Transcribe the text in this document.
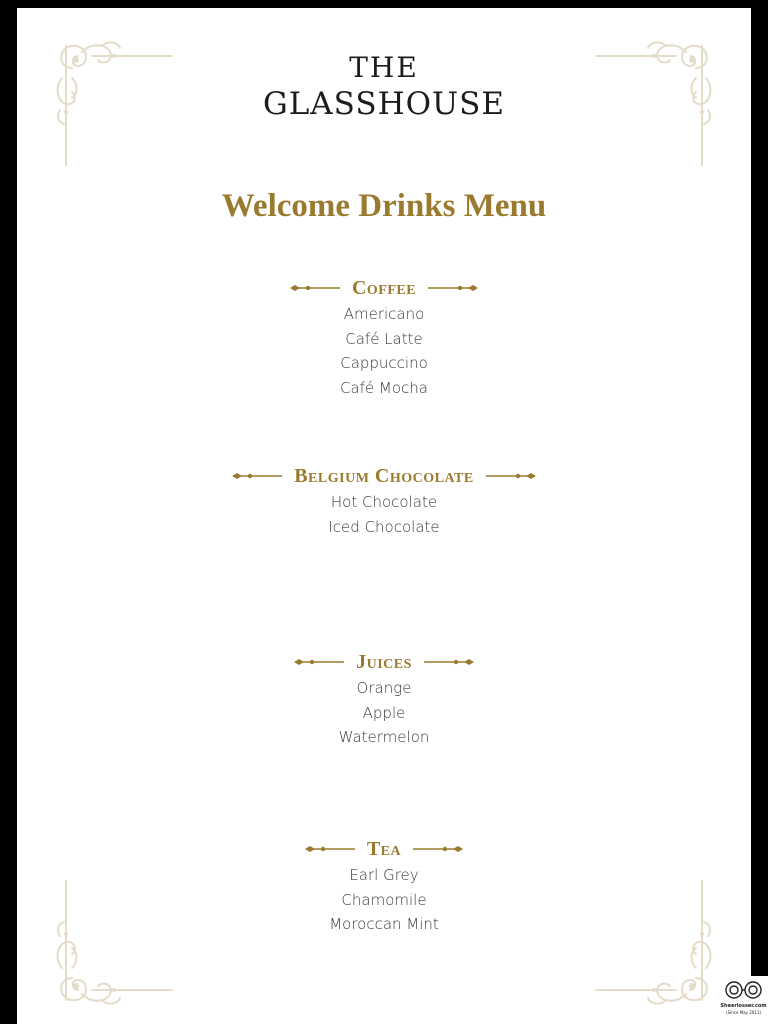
THE
GLASSHOUSE
Welcome Drinks Menu
Coffee
Americano
Café Latte
Cappuccino
Café Mocha
Belgium Chocolate
Hot Chocolate
Iced Chocolate
Juices
Orange
Apple
Watermelon
Tea
Earl Grey
Chamomile
Moroccan Mint
Sheerlosser.com
(Since May 2011)
